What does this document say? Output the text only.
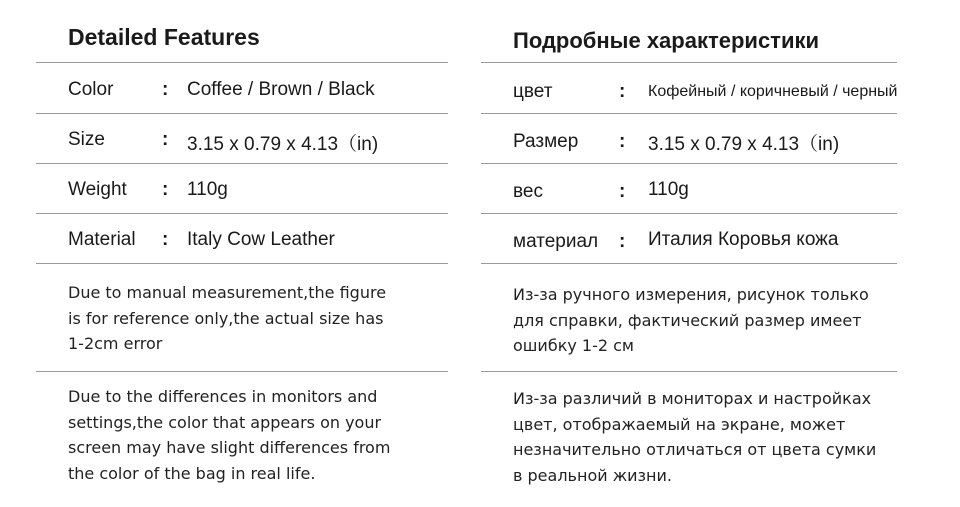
Detailed Features
Color	: Coffee / Brown / Black
Size	: 3.15 x 0.79 x 4.13（in)
Weight : 110g
Material : Italy Cow Leather
Due to manual measurement,the figure
is for reference only,the actual size has
1-2cm error
Due to the differences in monitors and
settings,the color that appears on your
screen may have slight differences from
the color of the bag in real life.
Подробные характеристики
цвет	: Кофейный / коричневый / черный
Размер : 3.15 x 0.79 x 4.13（in)
вес	: 110g
материал : Италия Коровья кожа
Из-за ручного измерения, рисунок только
для справки, фактический размер имеет
ошибку 1-2 см
Из-за различий в мониторах и настройках
цвет, отображаемый на экране, может
незначительно отличаться от цвета сумки
в реальной жизни.
